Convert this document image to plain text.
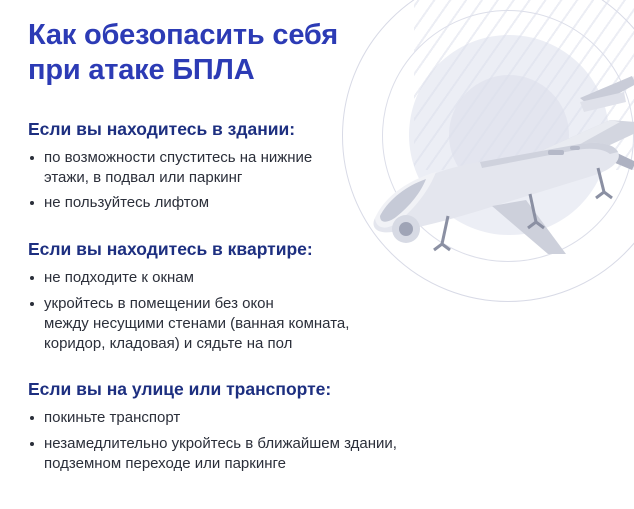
Как обезопасить себя
при атаке БПЛА
Если вы находитесь в здании:
по возможности спуститесь на нижние
этажи, в подвал или паркинг
не пользуйтесь лифтом
Если вы находитесь в квартире:
не подходите к окнам
укройтесь в помещении без окон
между несущими стенами (ванная комната,
коридор, кладовая) и сядьте на пол
Если вы на улице или транспорте:
покиньте транспорт
незамедлительно укройтесь в ближайшем здании,
подземном переходе или паркинге
